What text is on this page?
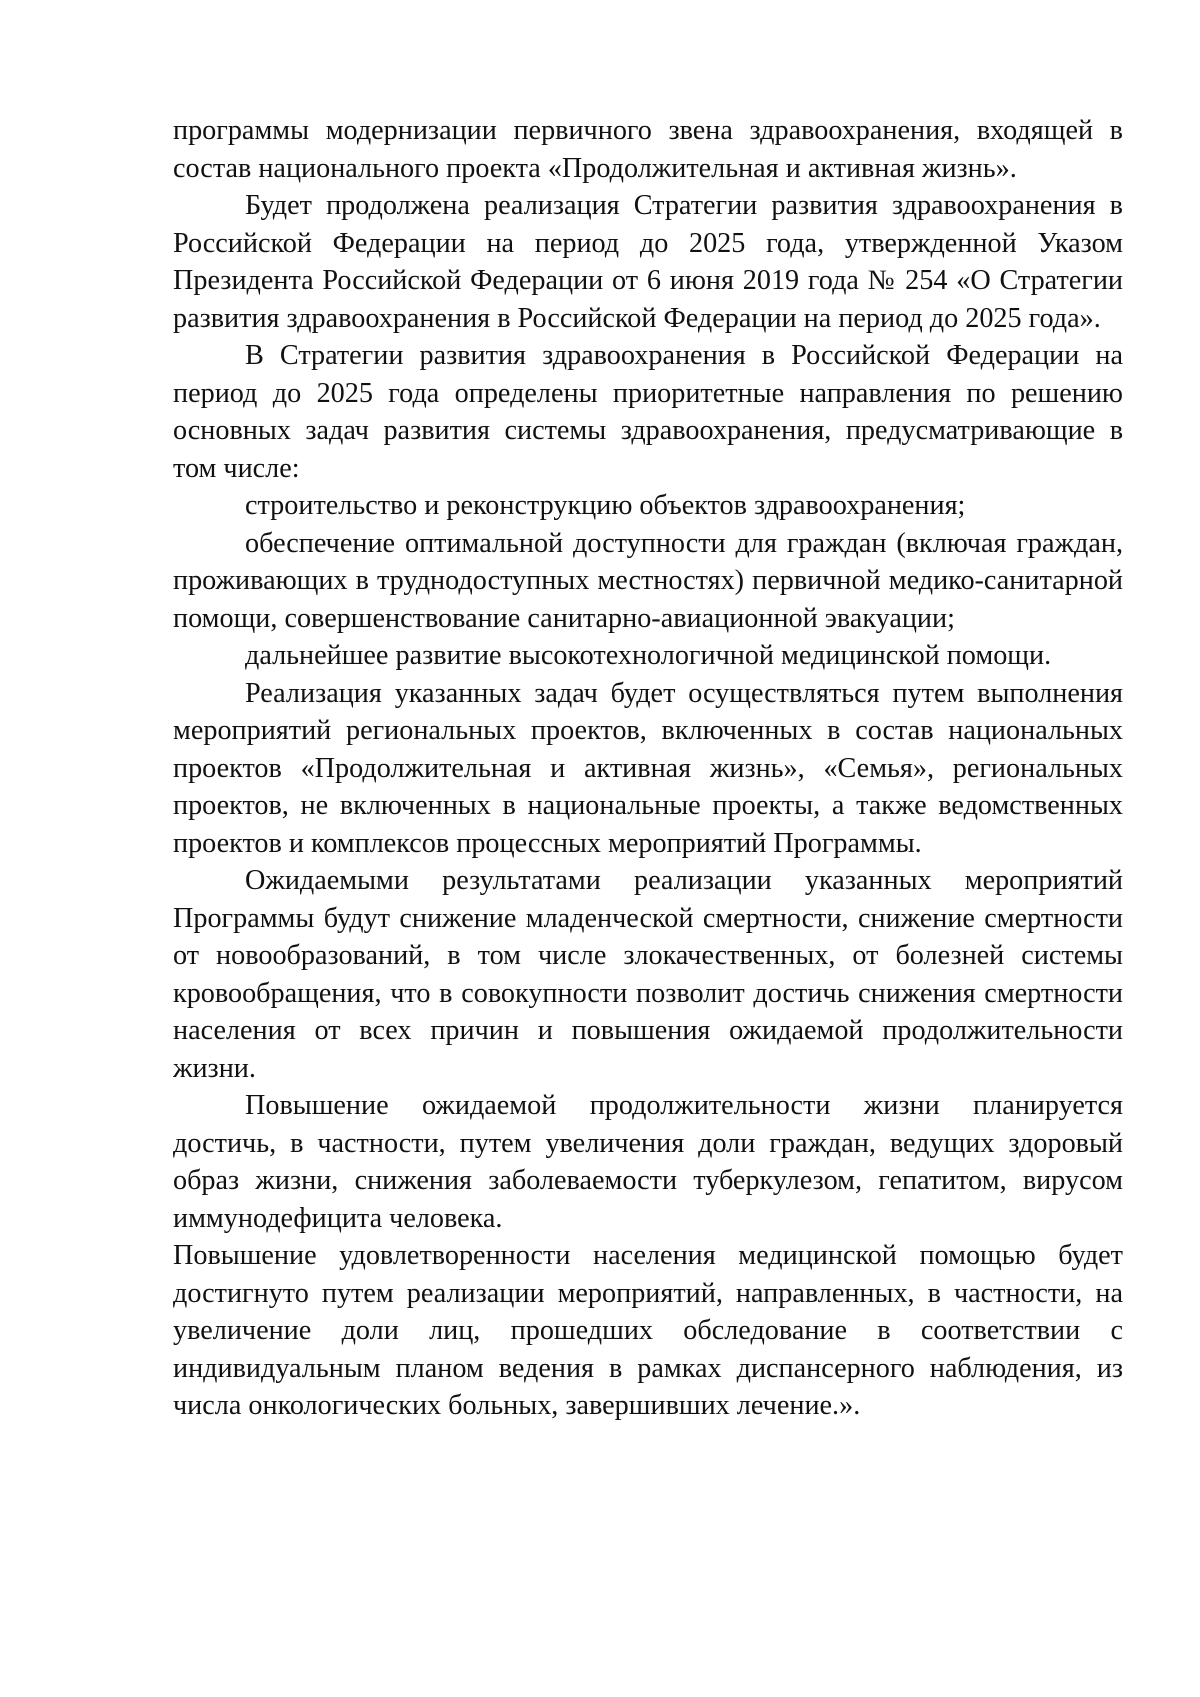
программы модернизации первичного звена здравоохранения, входящей в состав национального проекта «Продолжительная и активная жизнь».

Будет продолжена реализация Стратегии развития здравоохранения в Российской Федерации на период до 2025 года, утвержденной Указом Президента Российской Федерации от 6 июня 2019 года № 254 «О Стратегии развития здравоохранения в Российской Федерации на период до 2025 года».

В Стратегии развития здравоохранения в Российской Федерации на период до 2025 года определены приоритетные направления по решению основных задач развития системы здравоохранения, предусматривающие в том числе:

строительство и реконструкцию объектов здравоохранения;

обеспечение оптимальной доступности для граждан (включая граждан, проживающих в труднодоступных местностях) первичной медико-санитарной помощи, совершенствование санитарно-авиационной эвакуации;

дальнейшее развитие высокотехнологичной медицинской помощи.

Реализация указанных задач будет осуществляться путем выполнения мероприятий региональных проектов, включенных в состав национальных проектов «Продолжительная и активная жизнь», «Семья», региональных проектов, не включенных в национальные проекты, а также ведомственных проектов и комплексов процессных мероприятий Программы.

Ожидаемыми результатами реализации указанных мероприятий Программы будут снижение младенческой смертности, снижение смертности от новообразований, в том числе злокачественных, от болезней системы кровообращения, что в совокупности позволит достичь снижения смертности населения от всех причин и повышения ожидаемой продолжительности жизни.

Повышение ожидаемой продолжительности жизни планируется достичь, в частности, путем увеличения доли граждан, ведущих здоровый образ жизни, снижения заболеваемости туберкулезом, гепатитом, вирусом иммунодефицита человека.

Повышение удовлетворенности населения медицинской помощью будет достигнуто путем реализации мероприятий, направленных, в частности, на увеличение доли лиц, прошедших обследование в соответствии с индивидуальным планом ведения в рамках диспансерного наблюдения, из числа онкологических больных, завершивших лечение.».
